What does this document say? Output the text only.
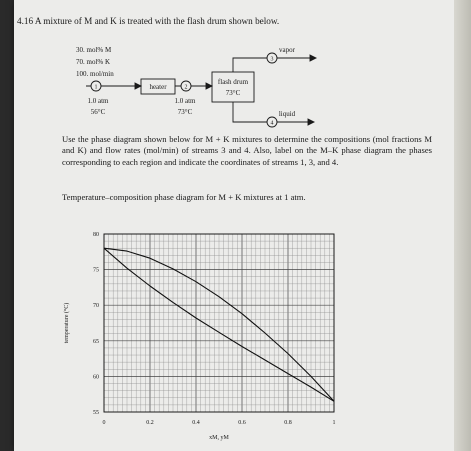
4.16 A mixture of M and K is treated with the flash drum shown below.
30. mol% M
70. mol% K
100. mol/min
1	2
3
4
heater
flash drum
73°C
vapor
liquid
1.0 atm
56°C
1.0 atm
73°C
Use the phase diagram shown below for M + K mixtures to determine the compositions (mol fractions M and K) and flow rates (mol/min) of streams 3 and 4. Also, label on the M–K phase diagram the phases corresponding to each region and indicate the coordinates of streams 1, 3, and 4.
Temperature–composition phase diagram for M + K mixtures at 1 atm.
0	0.2	0.4	0.6	0.8	1
55
60
65
70
75
80
xM, yM
temperature (°C)
